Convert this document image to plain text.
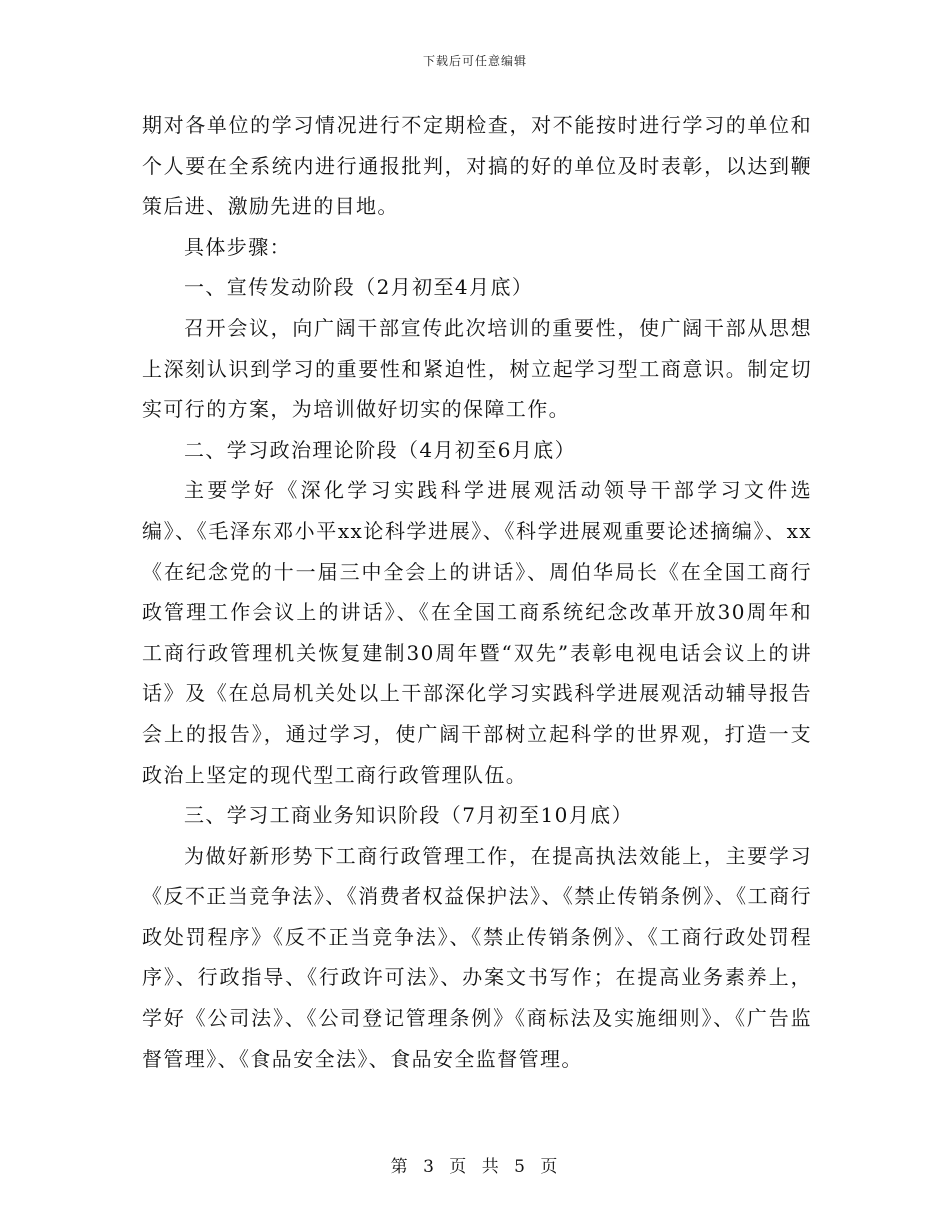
下载后可任意编辑

期对各单位的学习情况进行不定期检查，对不能按时进行学习的单位和个人要在全系统内进行通报批判，对搞的好的单位及时表彰，以达到鞭策后进、激励先进的目地。

具体步骤：

一、宣传发动阶段（2月初至4月底）

召开会议，向广阔干部宣传此次培训的重要性，使广阔干部从思想上深刻认识到学习的重要性和紧迫性，树立起学习型工商意识。制定切实可行的方案，为培训做好切实的保障工作。

二、学习政治理论阶段（4月初至6月底）

主要学好《深化学习实践科学进展观活动领导干部学习文件选编》、《毛泽东邓小平xx论科学进展》、《科学进展观重要论述摘编》、xx《在纪念党的十一届三中全会上的讲话》、周伯华局长《在全国工商行政管理工作会议上的讲话》、《在全国工商系统纪念改革开放30周年和工商行政管理机关恢复建制30周年暨“双先”表彰电视电话会议上的讲话》及《在总局机关处以上干部深化学习实践科学进展观活动辅导报告会上的报告》，通过学习，使广阔干部树立起科学的世界观，打造一支政治上坚定的现代型工商行政管理队伍。

三、学习工商业务知识阶段（7月初至10月底）

为做好新形势下工商行政管理工作，在提高执法效能上，主要学习《反不正当竞争法》、《消费者权益保护法》、《禁止传销条例》、《工商行政处罚程序》《反不正当竞争法》、《禁止传销条例》、《工商行政处罚程序》、行政指导、《行政许可法》、办案文书写作；在提高业务素养上，学好《公司法》、《公司登记管理条例》《商标法及实施细则》、《广告监督管理》、《食品安全法》、食品安全监督管理。

第 3 页 共 5 页
